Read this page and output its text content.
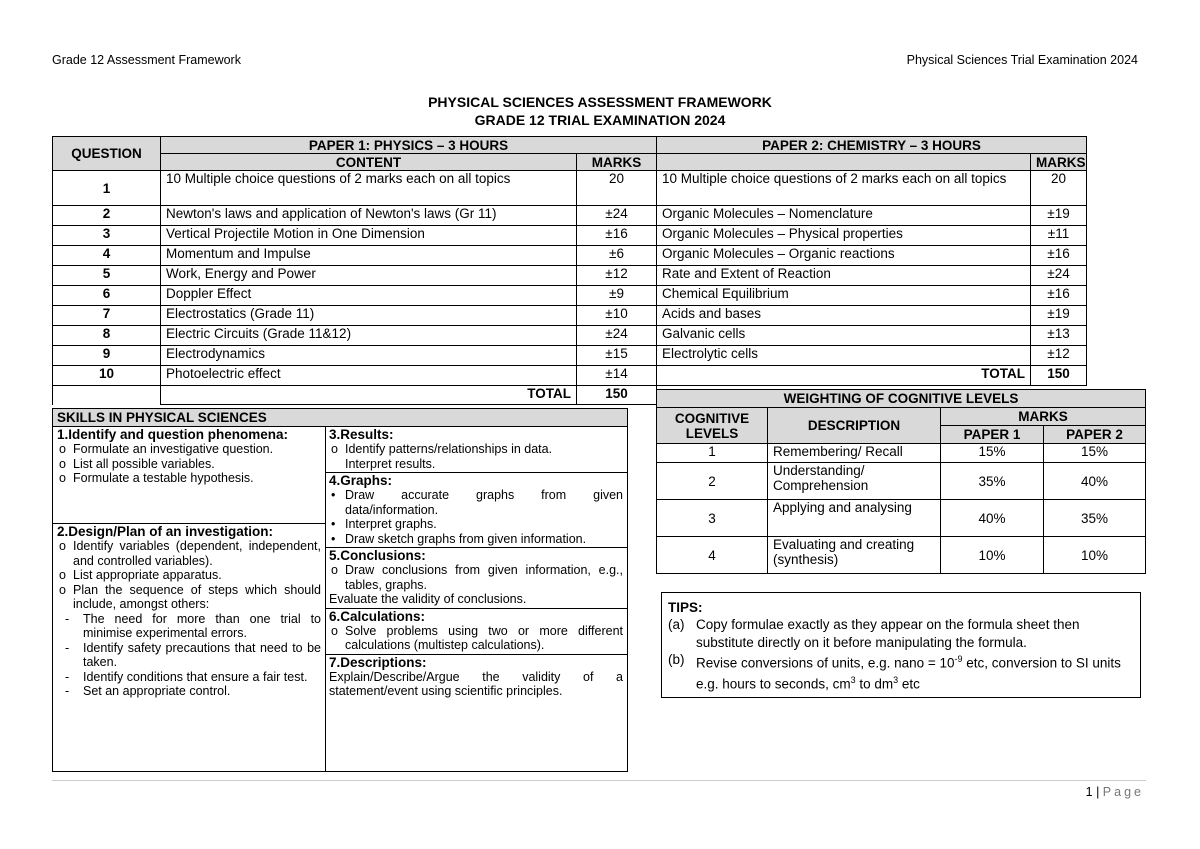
Grade 12 Assessment Framework	Physical Sciences Trial Examination 2024
PHYSICAL SCIENCES ASSESSMENT FRAMEWORK
GRADE 12 TRIAL EXAMINATION 2024
QUESTION	PAPER 1: PHYSICS – 3 HOURS		PAPER 2: CHEMISTRY – 3 HOURS		
	CONTENT	MARKS		MARKS	
1	10 Multiple choice questions of 2 marks each on all topics	20	10 Multiple choice questions of 2 marks each on all topics	20	
2	Newton's laws and application of Newton's laws (Gr 11)	±24	Organic Molecules – Nomenclature	±19	
3	Vertical Projectile Motion in One Dimension	±16	Organic Molecules – Physical properties	±11	
4	Momentum and Impulse	±6	Organic Molecules – Organic reactions	±16	
5	Work, Energy and Power	±12	Rate and Extent of Reaction	±24	
6	Doppler Effect	±9	Chemical Equilibrium	±16	
7	Electrostatics (Grade 11)	±10	Acids and bases	±19	
8	Electric Circuits (Grade 11&12)	±24	Galvanic cells	±13	
9	Electrodynamics	±15	Electrolytic cells	±12	
10	Photoelectric effect	±14	TOTAL	150	
	TOTAL	150				WEIGHTING OF COGNITIVE LEVELS			
COGNITIVE LEVELS	DESCRIPTION	MARKS	
		PAPER 1	PAPER 2
1	Remembering/ Recall	15%	15%
2	Understanding/ Comprehension	35%	40%
3	Applying and analysing	40%	35%
4	Evaluating and creating (synthesis)	10%	10%
SKILLS IN PHYSICAL SCIENCES
1.Identify and question phenomena:
o Formulate an investigative question.
o List all possible variables.
o Formulate a testable hypothesis.
2.Design/Plan of an investigation:
o Identify variables (dependent, independent, and controlled variables).
o List appropriate apparatus.
o Plan the sequence of steps which should include, amongst others:
- The need for more than one trial to minimise experimental errors.
- Identify safety precautions that need to be taken.
- Identify conditions that ensure a fair test.
- Set an appropriate control.
3.Results:
o Identify patterns/relationships in data.
Interpret results.
4.Graphs:
• Draw accurate graphs from given data/information.
• Interpret graphs.
• Draw sketch graphs from given information.
5.Conclusions:
o Draw conclusions from given information, e.g., tables, graphs.
Evaluate the validity of conclusions.
6.Calculations:
o Solve problems using two or more different calculations (multistep calculations).
7.Descriptions:
Explain/Describe/Argue the validity of a statement/event using scientific principles.
TIPS:
(a) Copy formulae exactly as they appear on the formula sheet then substitute directly on it before manipulating the formula.
(b) Revise conversions of units, e.g. nano = $10^{-9}$ etc, conversion to SI units e.g. hours to seconds, $cm^3$ to $dm^3$ etc
1 | Page
